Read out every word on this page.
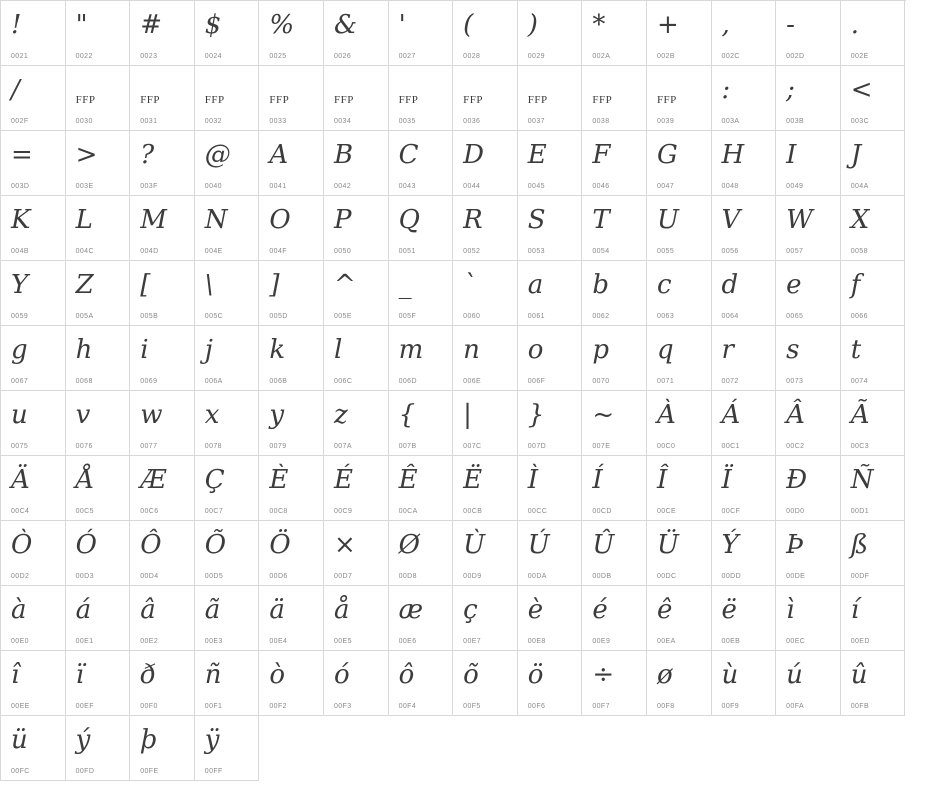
!
0021
"
0022
#
0023
$
0024
%
0025
&
0026
'
0027
(
0028
)
0029
*
002A
+
002B
,
002C
-
002D
.
002E
/
002F
FFP
0030
FFP
0031
FFP
0032
FFP
0033
FFP
0034
FFP
0035
FFP
0036
FFP
0037
FFP
0038
FFP
0039
:
003A
;
003B
<
003C
=
003D
>
003E
?
003F
@
0040
A
0041
B
0042
C
0043
D
0044
E
0045
F
0046
G
0047
H
0048
I
0049
J
004A
K
004B
L
004C
M
004D
N
004E
O
004F
P
0050
Q
0051
R
0052
S
0053
T
0054
U
0055
V
0056
W
0057
X
0058
Y
0059
Z
005A
[
005B
\
005C
]
005D
^
005E
_
005F
`
0060
a
0061
b
0062
c
0063
d
0064
e
0065
f
0066
g
0067
h
0068
i
0069
j
006A
k
006B
l
006C
m
006D
n
006E
o
006F
p
0070
q
0071
r
0072
s
0073
t
0074
u
0075
v
0076
w
0077
x
0078
y
0079
z
007A
{
007B
|
007C
}
007D
~
007E
À
00C0
Á
00C1
Â
00C2
Ã
00C3
Ä
00C4
Å
00C5
Æ
00C6
Ç
00C7
È
00C8
É
00C9
Ê
00CA
Ë
00CB
Ì
00CC
Í
00CD
Î
00CE
Ï
00CF
Ð
00D0
Ñ
00D1
Ò
00D2
Ó
00D3
Ô
00D4
Õ
00D5
Ö
00D6
×
00D7
Ø
00D8
Ù
00D9
Ú
00DA
Û
00DB
Ü
00DC
Ý
00DD
Þ
00DE
ß
00DF
à
00E0
á
00E1
â
00E2
ã
00E3
ä
00E4
å
00E5
æ
00E6
ç
00E7
è
00E8
é
00E9
ê
00EA
ë
00EB
ì
00EC
í
00ED
î
00EE
ï
00EF
ð
00F0
ñ
00F1
ò
00F2
ó
00F3
ô
00F4
õ
00F5
ö
00F6
÷
00F7
ø
00F8
ù
00F9
ú
00FA
û
00FB
ü
00FC
ý
00FD
þ
00FE
ÿ
00FF
